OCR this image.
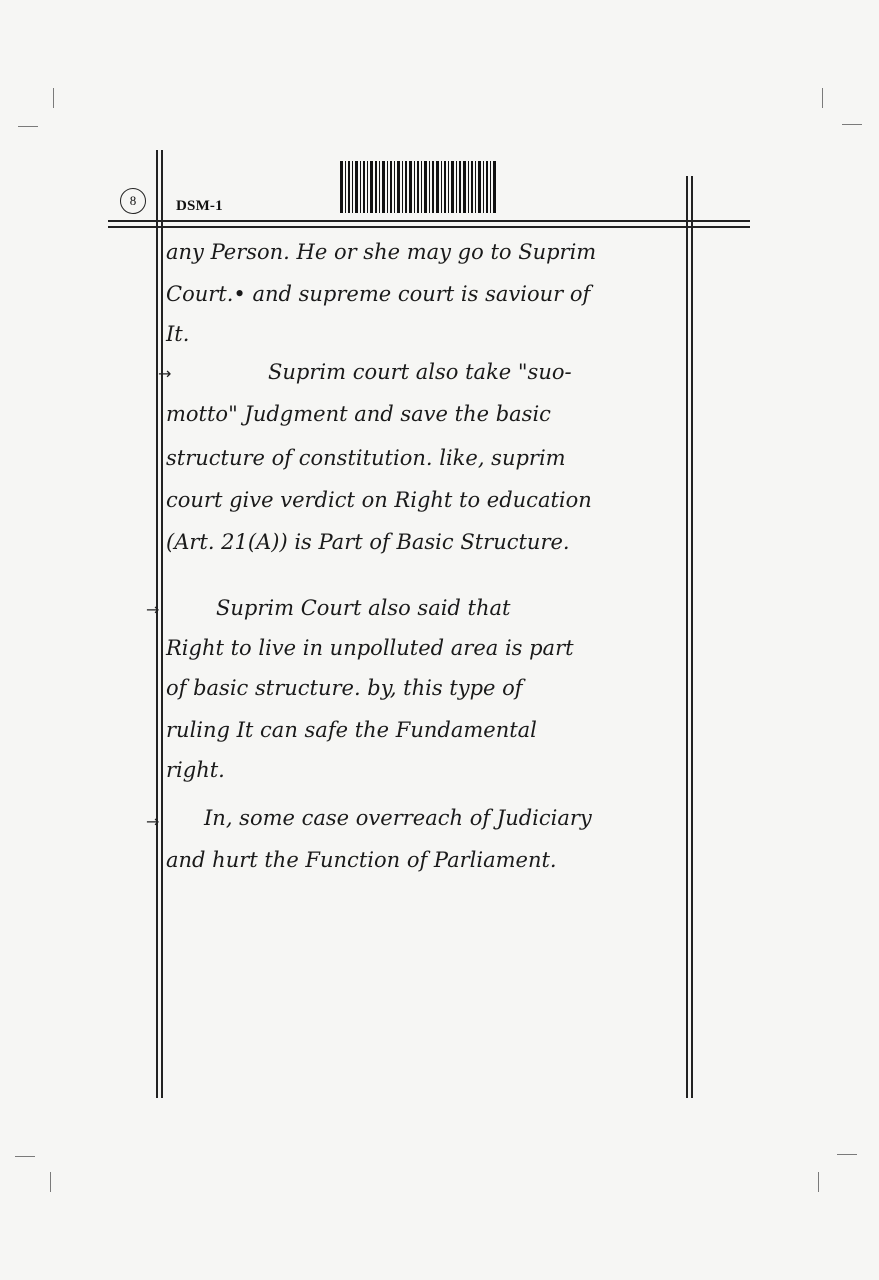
8	DSM-1
→
→
→
any Person. He or she may go to Suprim
Court.• and supreme court is saviour of
It.
Suprim court also take "suo-
motto" Judgment and save the basic
structure of constitution. like, suprim
court give verdict on Right to education
(Art. 21(A)) is Part of Basic Structure.
Suprim Court also said that
Right to live in unpolluted area is part
of basic structure. by, this type of
ruling It can safe the Fundamental
right.
In, some case overreach of Judiciary
and hurt the Function of Parliament.
